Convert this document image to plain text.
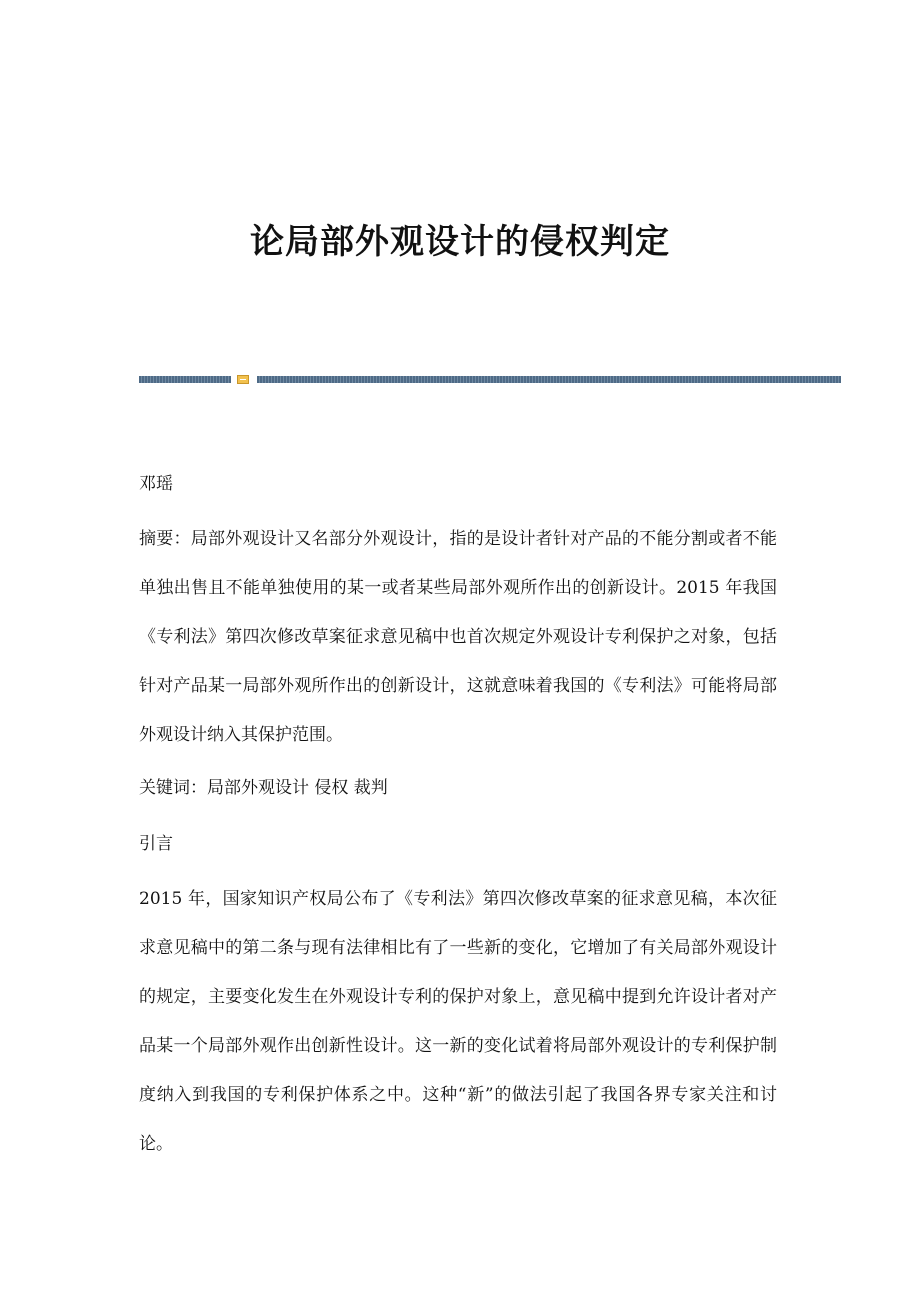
论局部外观设计的侵权判定

邓瑶

摘要：局部外观设计又名部分外观设计，指的是设计者针对产品的不能分割或者不能单独出售且不能单独使用的某一或者某些局部外观所作出的创新设计。2015 年我国《专利法》第四次修改草案征求意见稿中也首次规定外观设计专利保护之对象，包括针对产品某一局部外观所作出的创新设计，这就意味着我国的《专利法》可能将局部外观设计纳入其保护范围。

关键词：局部外观设计 侵权 裁判

引言

2015 年，国家知识产权局公布了《专利法》第四次修改草案的征求意见稿，本次征求意见稿中的第二条与现有法律相比有了一些新的变化，它增加了有关局部外观设计的规定，主要变化发生在外观设计专利的保护对象上，意见稿中提到允许设计者对产品某一个局部外观作出创新性设计。这一新的变化试着将局部外观设计的专利保护制度纳入到我国的专利保护体系之中。这种“新”的做法引起了我国各界专家关注和讨论。
